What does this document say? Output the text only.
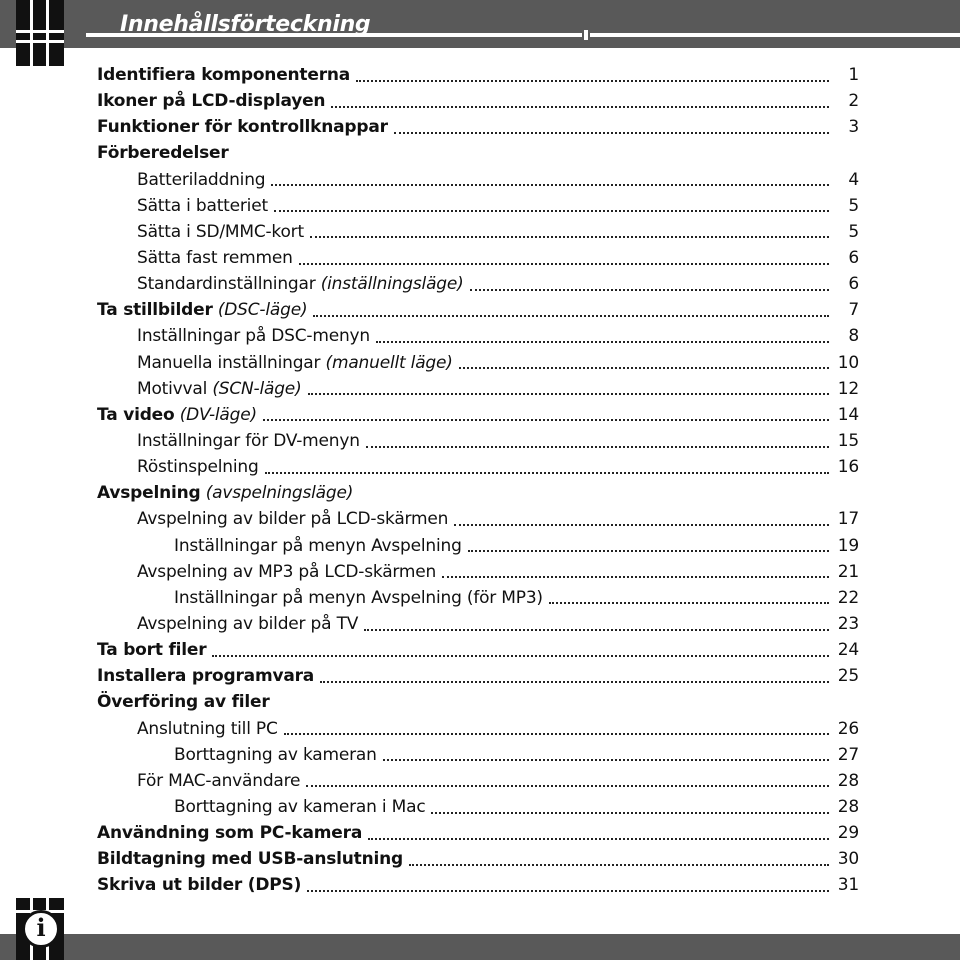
Innehållsförteckning
Identifiera komponenterna	1
Ikoner på LCD-displayen	2
Funktioner för kontrollknappar	3
Förberedelser
Batteriladdning	4
Sätta i batteriet	5
Sätta i SD/MMC-kort	5
Sätta fast remmen	6
Standardinställningar (inställningsläge)	6
Ta stillbilder (DSC-läge)	7
Inställningar på DSC-menyn	8
Manuella inställningar (manuellt läge)	10
Motivval (SCN-läge)	12
Ta video (DV-läge)	14
Inställningar för DV-menyn	15
Röstinspelning	16
Avspelning (avspelningsläge)
Avspelning av bilder på LCD-skärmen	17
Inställningar på menyn Avspelning	19
Avspelning av MP3 på LCD-skärmen	21
Inställningar på menyn Avspelning (för MP3)	22
Avspelning av bilder på TV	23
Ta bort filer	24
Installera programvara	25
Överföring av filer
Anslutning till PC	26
Borttagning av kameran	27
För MAC-användare	28
Borttagning av kameran i Mac	28
Användning som PC-kamera	29
Bildtagning med USB-anslutning	30
Skriva ut bilder (DPS)	31
i
